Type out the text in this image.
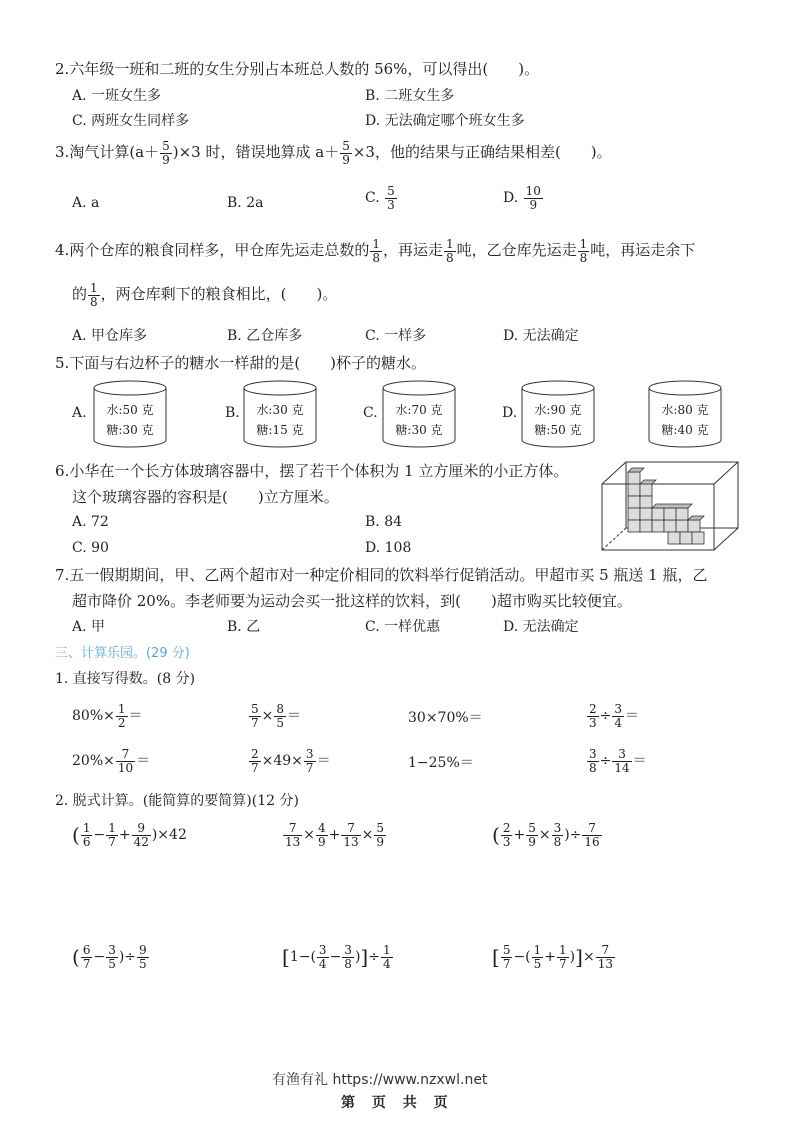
2.六年级一班和二班的女生分别占本班总人数的 56%，可以得出(　　)。
A. 一班女生多	B. 二班女生多
C. 两班女生同样多	D. 无法确定哪个班女生多
3.淘气计算$(a+ \frac{5}{9} )\times 3$ 时，错误地算成 $a+ \frac{5}{9} \times 3$，他的结果与正确结果相差(　　)。
A. a	B. 2a	C. $\frac{5}{3}$	D. $\frac{10}{9}$
4.两个仓库的粮食同样多，甲仓库先运走总数的 $\frac{1}{8}$ ，再运走 $\frac{1}{8}$ 吨，乙仓库先运走 $\frac{1}{8}$ 吨，再运走余下
的 $\frac{1}{8}$ ，两仓库剩下的粮食相比，(　　)。
A. 甲仓库多	B. 乙仓库多	C. 一样多	D. 无法确定
5.下面与右边杯子的糖水一样甜的是(　　)杯子的糖水。
A. 水:50 克
糖:30 克
B. 水:30 克
糖:15 克
C. 水:70 克
糖:30 克
D. 水:90 克
糖:50 克
水:80 克
糖:40 克
6.小华在一个长方体玻璃容器中，摆了若干个体积为 1 立方厘米的小正方体。
这个玻璃容器的容积是(　　)立方厘米。
A. 72	B. 84
C. 90	D. 108
7.五一假期期间，甲、乙两个超市对一种定价相同的饮料举行促销活动。甲超市买 5 瓶送 1 瓶，乙
超市降价 20%。李老师要为运动会买一批这样的饮料，到(　　)超市购买比较便宜。
A. 甲	B. 乙	C. 一样优惠	D. 无法确定
三、计算乐园。(29 分)
1. 直接写得数。(8 分)
$80\%\times \frac{1}{2}$ ＝	$\frac{5}{7} \times \frac{8}{5}$ ＝	30×70%＝	$\frac{2}{3} \div \frac{3}{4}$ ＝
$20\%\times \frac{7}{10}$ ＝	$\frac{2}{7} \times 49\times \frac{3}{7}$ ＝	1−25%＝	$\frac{3}{8} \div \frac{3}{14}$ ＝
2. 脱式计算。(能简算的要简算)(12 分)
( $\frac{1}{6} - \frac{1}{7} + \frac{9}{42} )\times 42$	$\frac{7}{13} \times \frac{4}{9} + \frac{7}{13} \times \frac{5}{9}$	( $\frac{2}{3} + \frac{5}{9} \times \frac{3}{8}$ )÷ $\frac{7}{16}$
( $\frac{6}{7} - \frac{3}{5}$ )÷ $\frac{9}{5}$	[$1-( \frac{3}{4} - \frac{3}{8}$ )]÷ $\frac{1}{4}$	[ $\frac{5}{7}$ −( $\frac{1}{5} + \frac{1}{7}$ )]× $\frac{7}{13}$
有渔有礼 https://www.nzxwl.net
第 页 共 页
